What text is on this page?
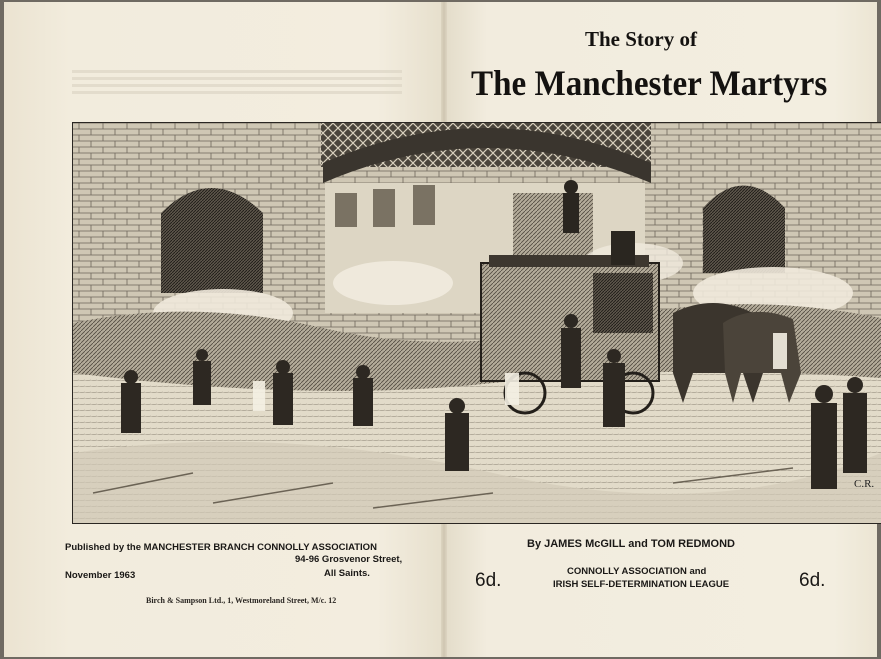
The Story of
The Manchester Martyrs
C.R.
Published by the MANCHESTER BRANCH CONNOLLY ASSOCIATION
94-96 Grosvenor Street,
November 1963	All Saints.
Birch & Sampson Ltd., 1, Westmoreland Street, M/c. 12
By JAMES McGILL and TOM REDMOND
CONNOLLY ASSOCIATION and
IRISH SELF-DETERMINATION LEAGUE
6d.	6d.
